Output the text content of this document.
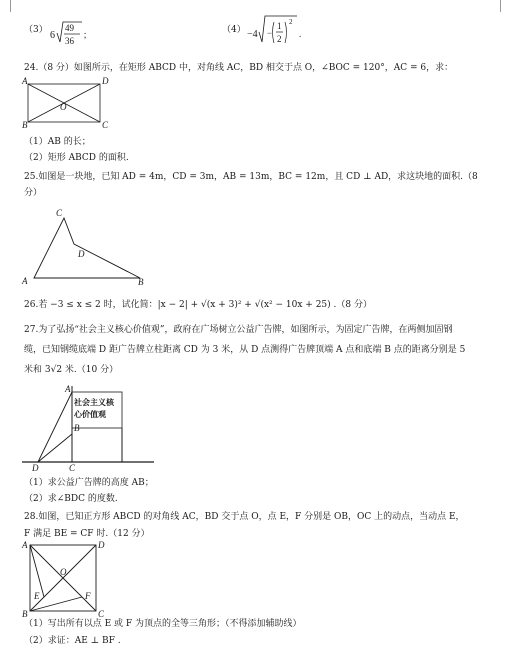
（3） 6
49
36
；	（4） −4 −
1
2
2
.
24.（8 分）如图所示，在矩形 ABCD 中，对角线 AC，BD 相交于点 O，∠BOC = 120°，AC = 6，求：
A	D
B	C
O
（1）AB 的长；
（2）矩形 ABCD 的面积.
25.如图是一块地，已知 AD = 4m，CD = 3m，AB = 13m，BC = 12m，且 CD ⊥ AD，求这块地的面积.（8
分）
A	B
C
D
26.若 −3 ≤ x ≤ 2 时，试化简：|x − 2| + √(x + 3)² + √(x² − 10x + 25) .（8 分）
27.为了弘扬“社会主义核心价值观”，政府在广场树立公益广告牌，如图所示，为固定广告牌，在两侧加固钢
缆，已知钢缆底端 D 距广告牌立柱距离 CD 为 3 米，从 D 点测得广告牌顶端 A 点和底端 B 点的距离分别是 5
米和 3√2 米.（10 分）
社会主义核
心价值观
B
A
D	C
（1）求公益广告牌的高度 AB；
（2）求∠BDC 的度数.
28.如图，已知正方形 ABCD 的对角线 AC，BD 交于点 O，点 E，F 分别是 OB，OC 上的动点，当动点 E，
F 满足 BE = CF 时.（12 分）
A
B	C
D
E	F
O
（1）写出所有以点 E 或 F 为顶点的全等三角形；（不得添加辅助线）
（2）求证：AE ⊥ BF .
